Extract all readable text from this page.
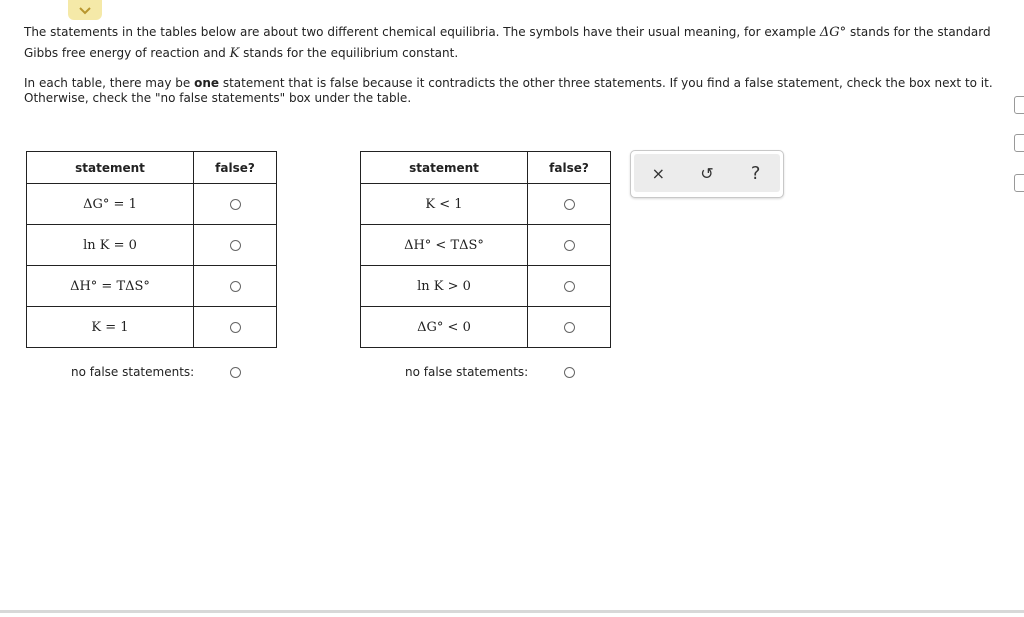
The statements in the tables below are about two different chemical equilibria. The symbols have their usual meaning, for example ΔG° stands for the standard Gibbs free energy of reaction and K stands for the equilibrium constant.

In each table, there may be one statement that is false because it contradicts the other three statements. If you find a false statement, check the box next to it. Otherwise, check the "no false statements" box under the table.

statement	false?
ΔG° = 1	
ln K = 0	
ΔH° = TΔS°	
K = 1	
no false statements:
statement	false?
K < 1	
ΔH° < TΔS°	
ln K > 0	
ΔG° < 0	
no false statements:
× ↺ ?
